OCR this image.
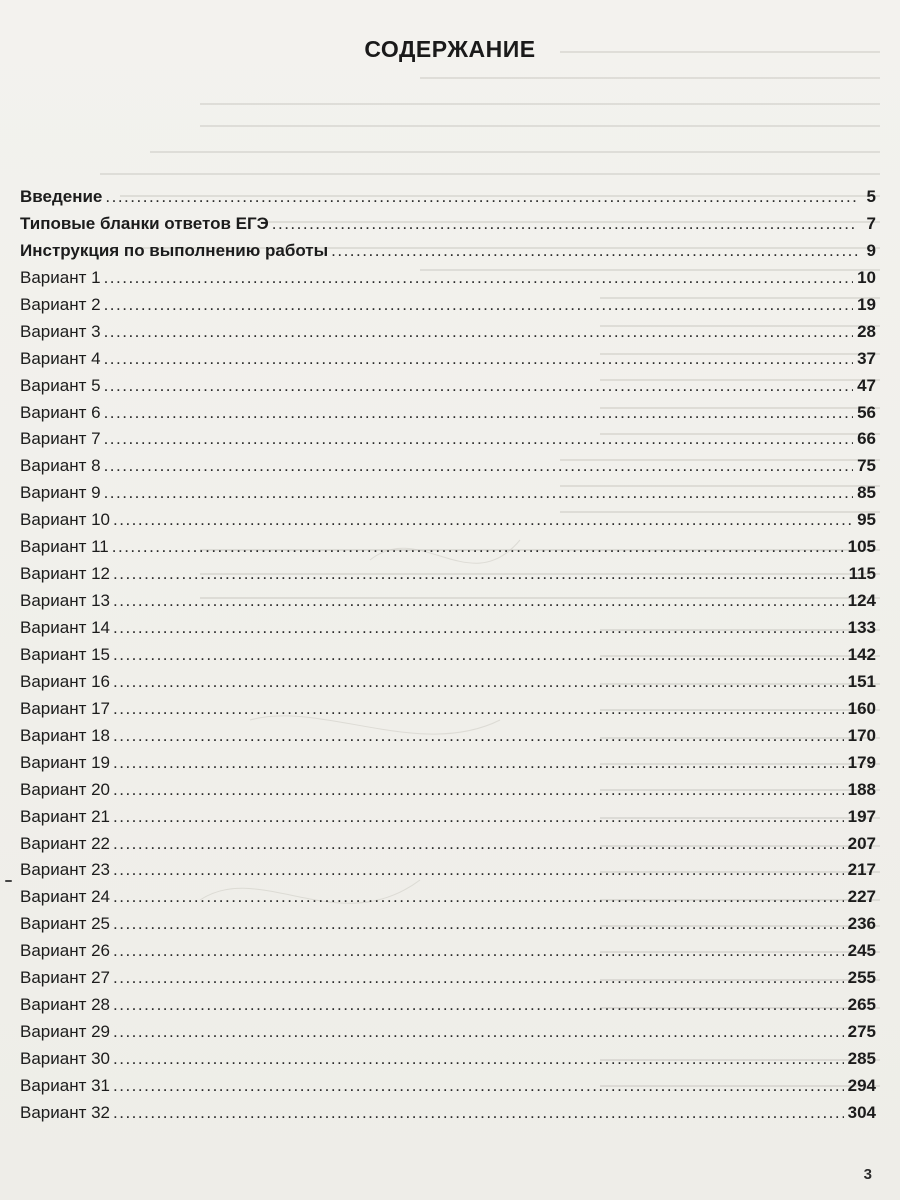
СОДЕРЖАНИЕ
Введение .....	5
Типовые бланки ответов ЕГЭ .....	7
Инструкция по выполнению работы .....	9
Вариант 1 .....	10
Вариант 2 .....	19
Вариант 3 .....	28
Вариант 4 .....	37
Вариант 5 .....	47
Вариант 6 .....	56
Вариант 7 .....	66
Вариант 8 .....	75
Вариант 9 .....	85
Вариант 10 .....	95
Вариант 11 .....	105
Вариант 12 .....	115
Вариант 13 .....	124
Вариант 14 .....	133
Вариант 15 .....	142
Вариант 16 .....	151
Вариант 17 .....	160
Вариант 18 .....	170
Вариант 19 .....	179
Вариант 20 .....	188
Вариант 21 .....	197
Вариант 22 .....	207
Вариант 23 .....	217
Вариант 24 .....	227
Вариант 25 .....	236
Вариант 26 .....	245
Вариант 27 .....	255
Вариант 28 .....	265
Вариант 29 .....	275
Вариант 30 .....	285
Вариант 31 .....	294
Вариант 32 .....	304
3
